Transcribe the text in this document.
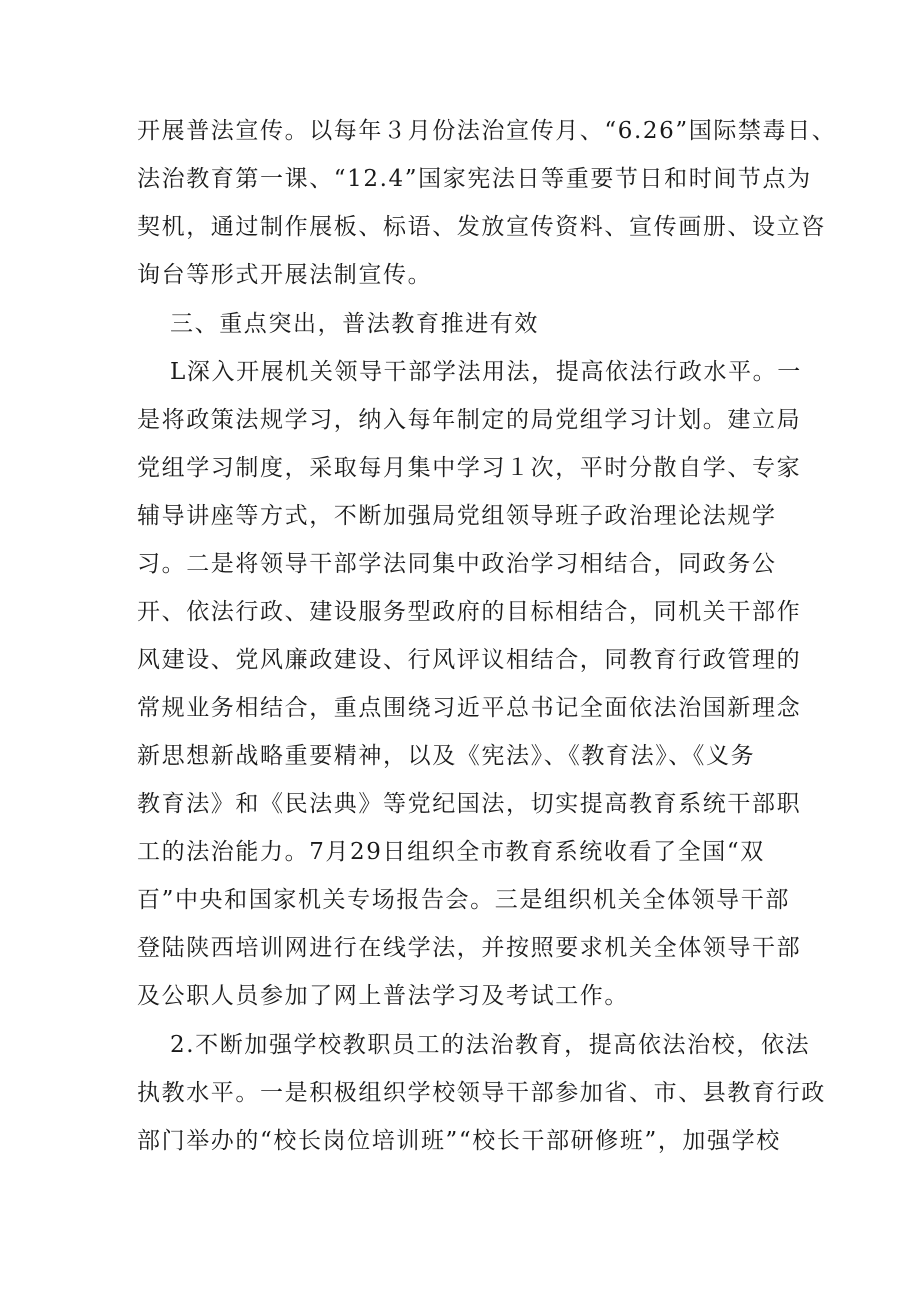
开展普法宣传。以每年３月份法治宣传月、“6.26”国际禁毒日、
法治教育第一课、“12.4”国家宪法日等重要节日和时间节点为
契机，通过制作展板、标语、发放宣传资料、宣传画册、设立咨
询台等形式开展法制宣传。
三、重点突出，普法教育推进有效
L深入开展机关领导干部学法用法，提高依法行政水平。一
是将政策法规学习，纳入每年制定的局党组学习计划。建立局
党组学习制度，采取每月集中学习１次，平时分散自学、专家
辅导讲座等方式，不断加强局党组领导班子政治理论法规学
习。二是将领导干部学法同集中政治学习相结合，同政务公
开、依法行政、建设服务型政府的目标相结合，同机关干部作
风建设、党风廉政建设、行风评议相结合，同教育行政管理的
常规业务相结合，重点围绕习近平总书记全面依法治国新理念
新思想新战略重要精神，以及《宪法》、《教育法》、《义务
教育法》和《民法典》等党纪国法，切实提高教育系统干部职
工的法治能力。7月29日组织全市教育系统收看了全国“双
百”中央和国家机关专场报告会。三是组织机关全体领导干部
登陆陕西培训网进行在线学法，并按照要求机关全体领导干部
及公职人员参加了网上普法学习及考试工作。
2.不断加强学校教职员工的法治教育，提高依法治校，依法
执教水平。一是积极组织学校领导干部参加省、市、县教育行政
部门举办的“校长岗位培训班”“校长干部研修班”，加强学校
